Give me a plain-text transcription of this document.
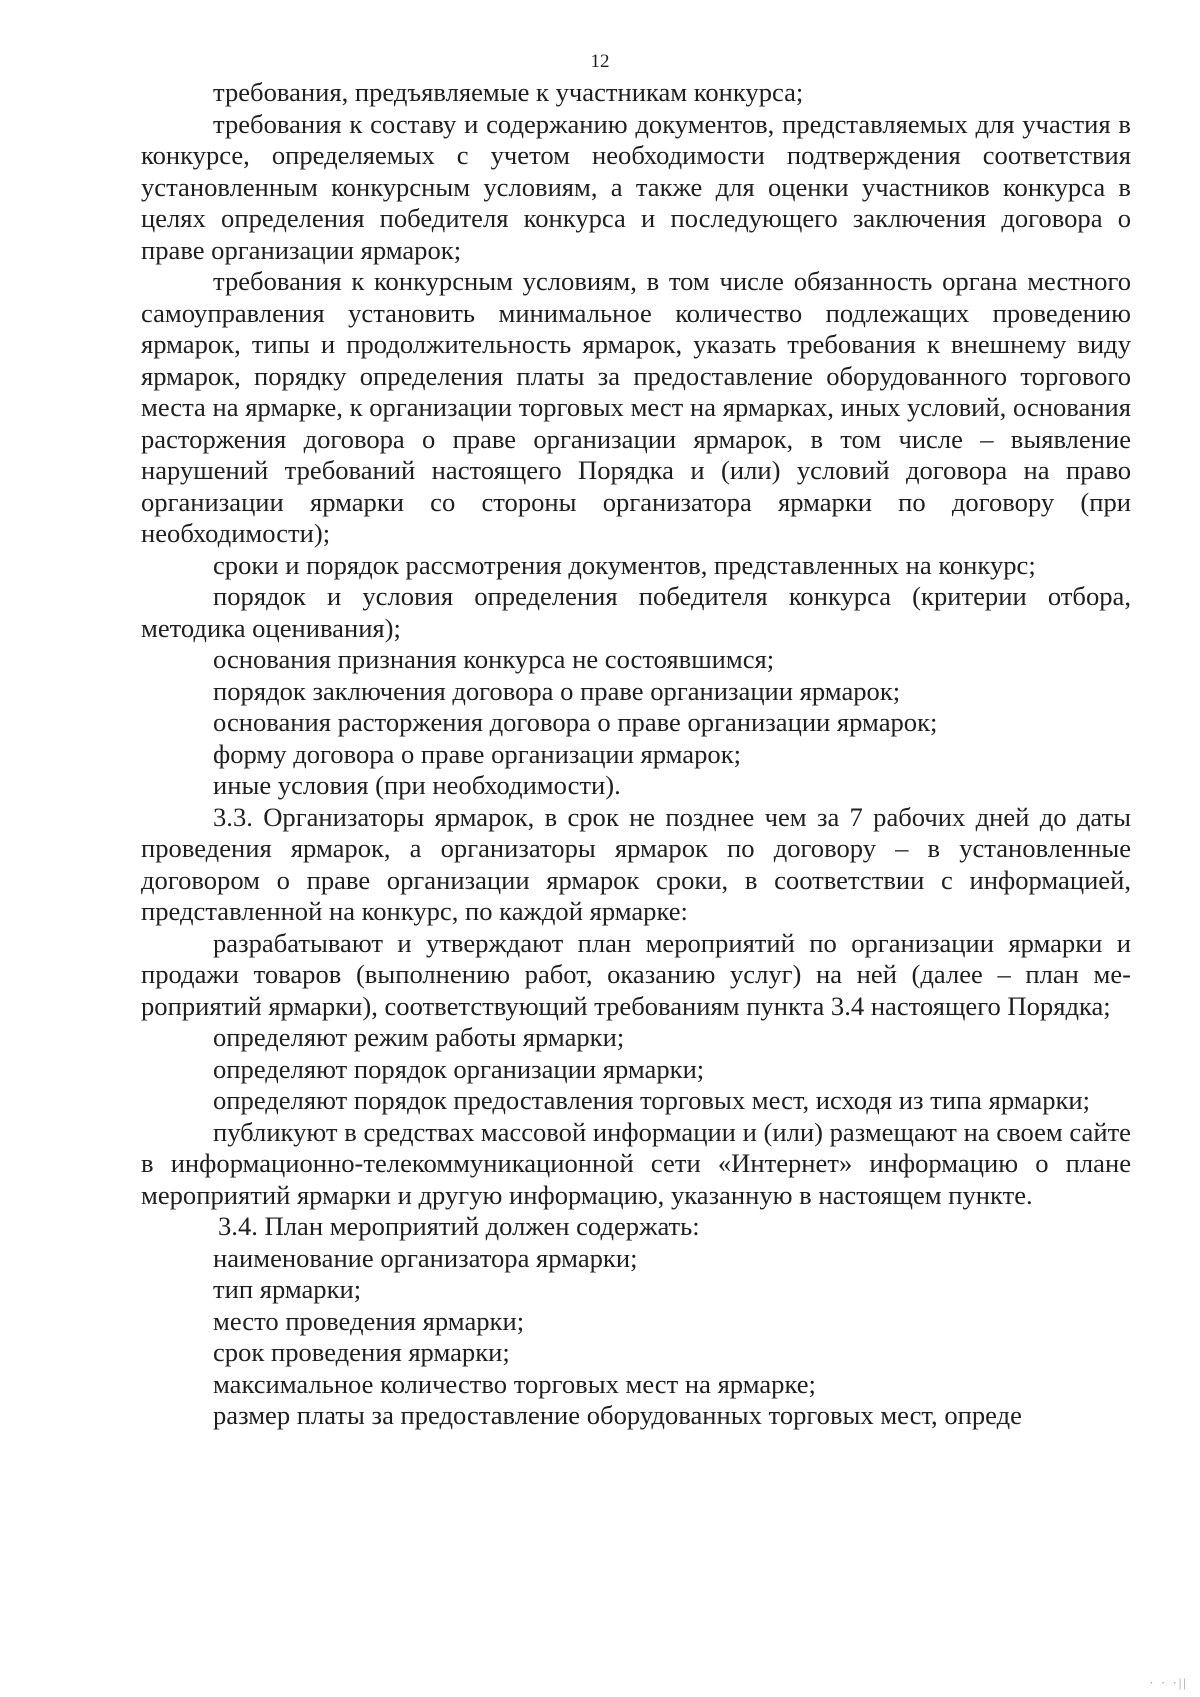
12

требования, предъявляемые к участникам конкурса;

требования к составу и содержанию документов, представляемых для участия в конкурсе, определяемых с учетом необходимости подтверждения соответствия установленным конкурсным условиям, а также для оценки участников конкурса в целях определения победителя конкурса и последующего заключения договора о праве организации ярмарок;

требования к конкурсным условиям, в том числе обязанность органа местного самоуправления установить минимальное количество подлежащих проведению ярмарок, типы и продолжительность ярмарок, указать требования к внешнему виду ярмарок, порядку определения платы за предоставление оборудованного торгового места на ярмарке, к организации торговых мест на ярмарках, иных условий, основания расторжения договора о праве организации ярмарок, в том числе – выявление нарушений требований настоящего Порядка и (или) условий договора на право организации ярмарки со стороны организатора ярмарки по договору (при необходимости);

сроки и порядок рассмотрения документов, представленных на конкурс;

порядок и условия определения победителя конкурса (критерии отбора, методика оценивания);

основания признания конкурса не состоявшимся;

порядок заключения договора о праве организации ярмарок;

основания расторжения договора о праве организации ярмарок;

форму договора о праве организации ярмарок;

иные условия (при необходимости).

3.3. Организаторы ярмарок, в срок не позднее чем за 7 рабочих дней до даты проведения ярмарок, а организаторы ярмарок по договору – в установленные договором о праве организации ярмарок сроки, в соответствии с информацией, представленной на конкурс, по каждой ярмарке:

разрабатывают и утверждают план мероприятий по организации ярмарки и продажи товаров (выполнению работ, оказанию услуг) на ней (далее – план мероприятий ярмарки), соответствующий требованиям пункта 3.4 настоящего Порядка;

определяют режим работы ярмарки;

определяют порядок организации ярмарки;

определяют порядок предоставления торговых мест, исходя из типа ярмарки;

публикуют в средствах массовой информации и (или) размещают на своем сайте в информационно-телекоммуникационной сети «Интернет» информацию о плане мероприятий ярмарки и другую информацию, указанную в настоящем пункте.

3.4. План мероприятий должен содержать:

наименование организатора ярмарки;

тип ярмарки;

место проведения ярмарки;

срок проведения ярмарки;

максимальное количество торговых мест на ярмарке;

размер платы за предоставление оборудованных торговых мест, опреде

· · ·||
